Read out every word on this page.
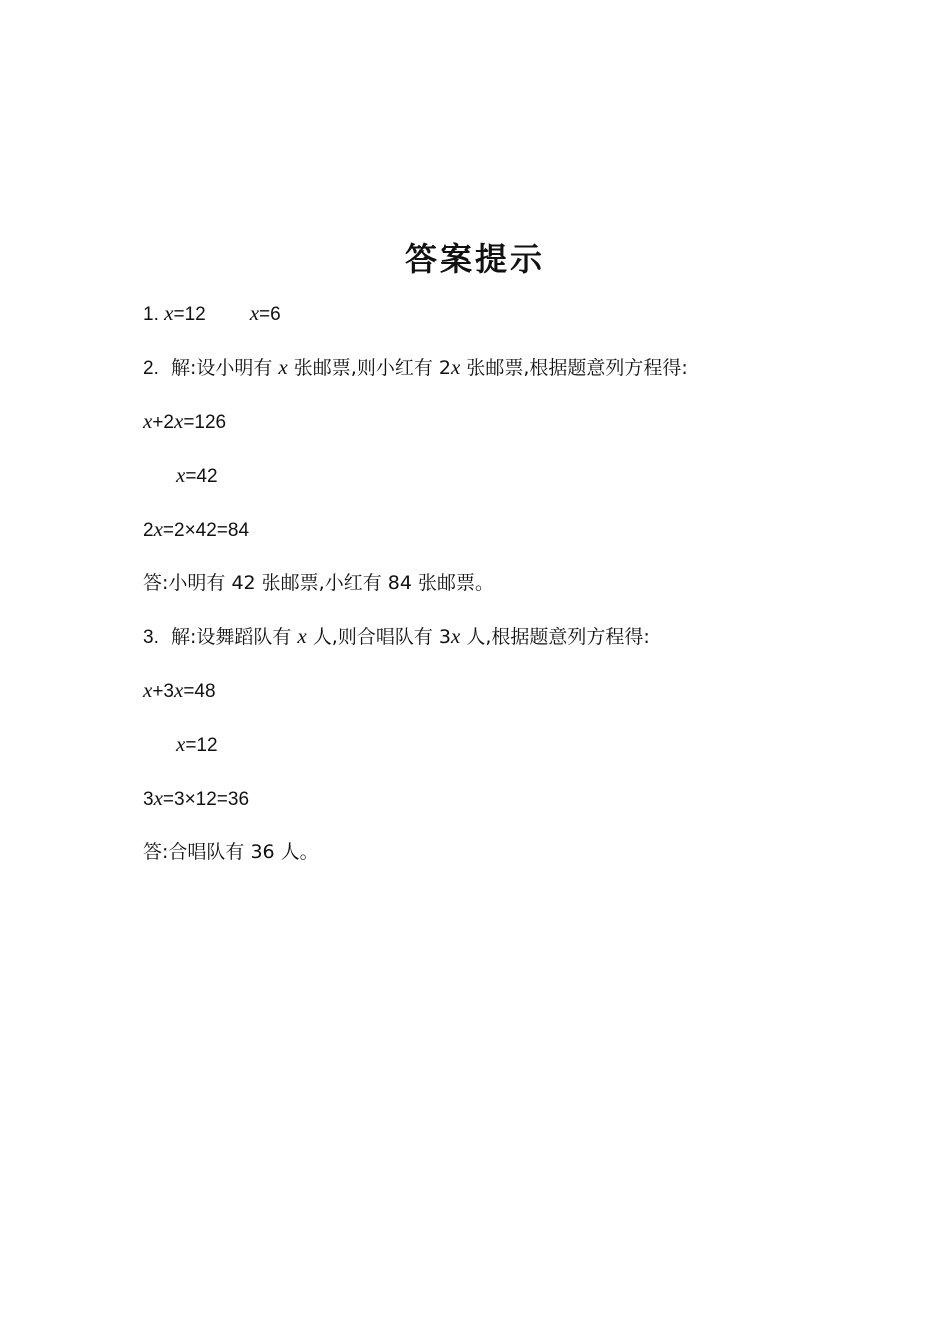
答案提示
1. x=12 x=6
2. 解:设小明有 x 张邮票,则小红有 2x 张邮票,根据题意列方程得:
x+2x=126
x=42
2x=2×42=84
答:小明有 42 张邮票,小红有 84 张邮票。
3. 解:设舞蹈队有 x 人,则合唱队有 3x 人,根据题意列方程得:
x+3x=48
x=12
3x=3×12=36
答:合唱队有 36 人。
